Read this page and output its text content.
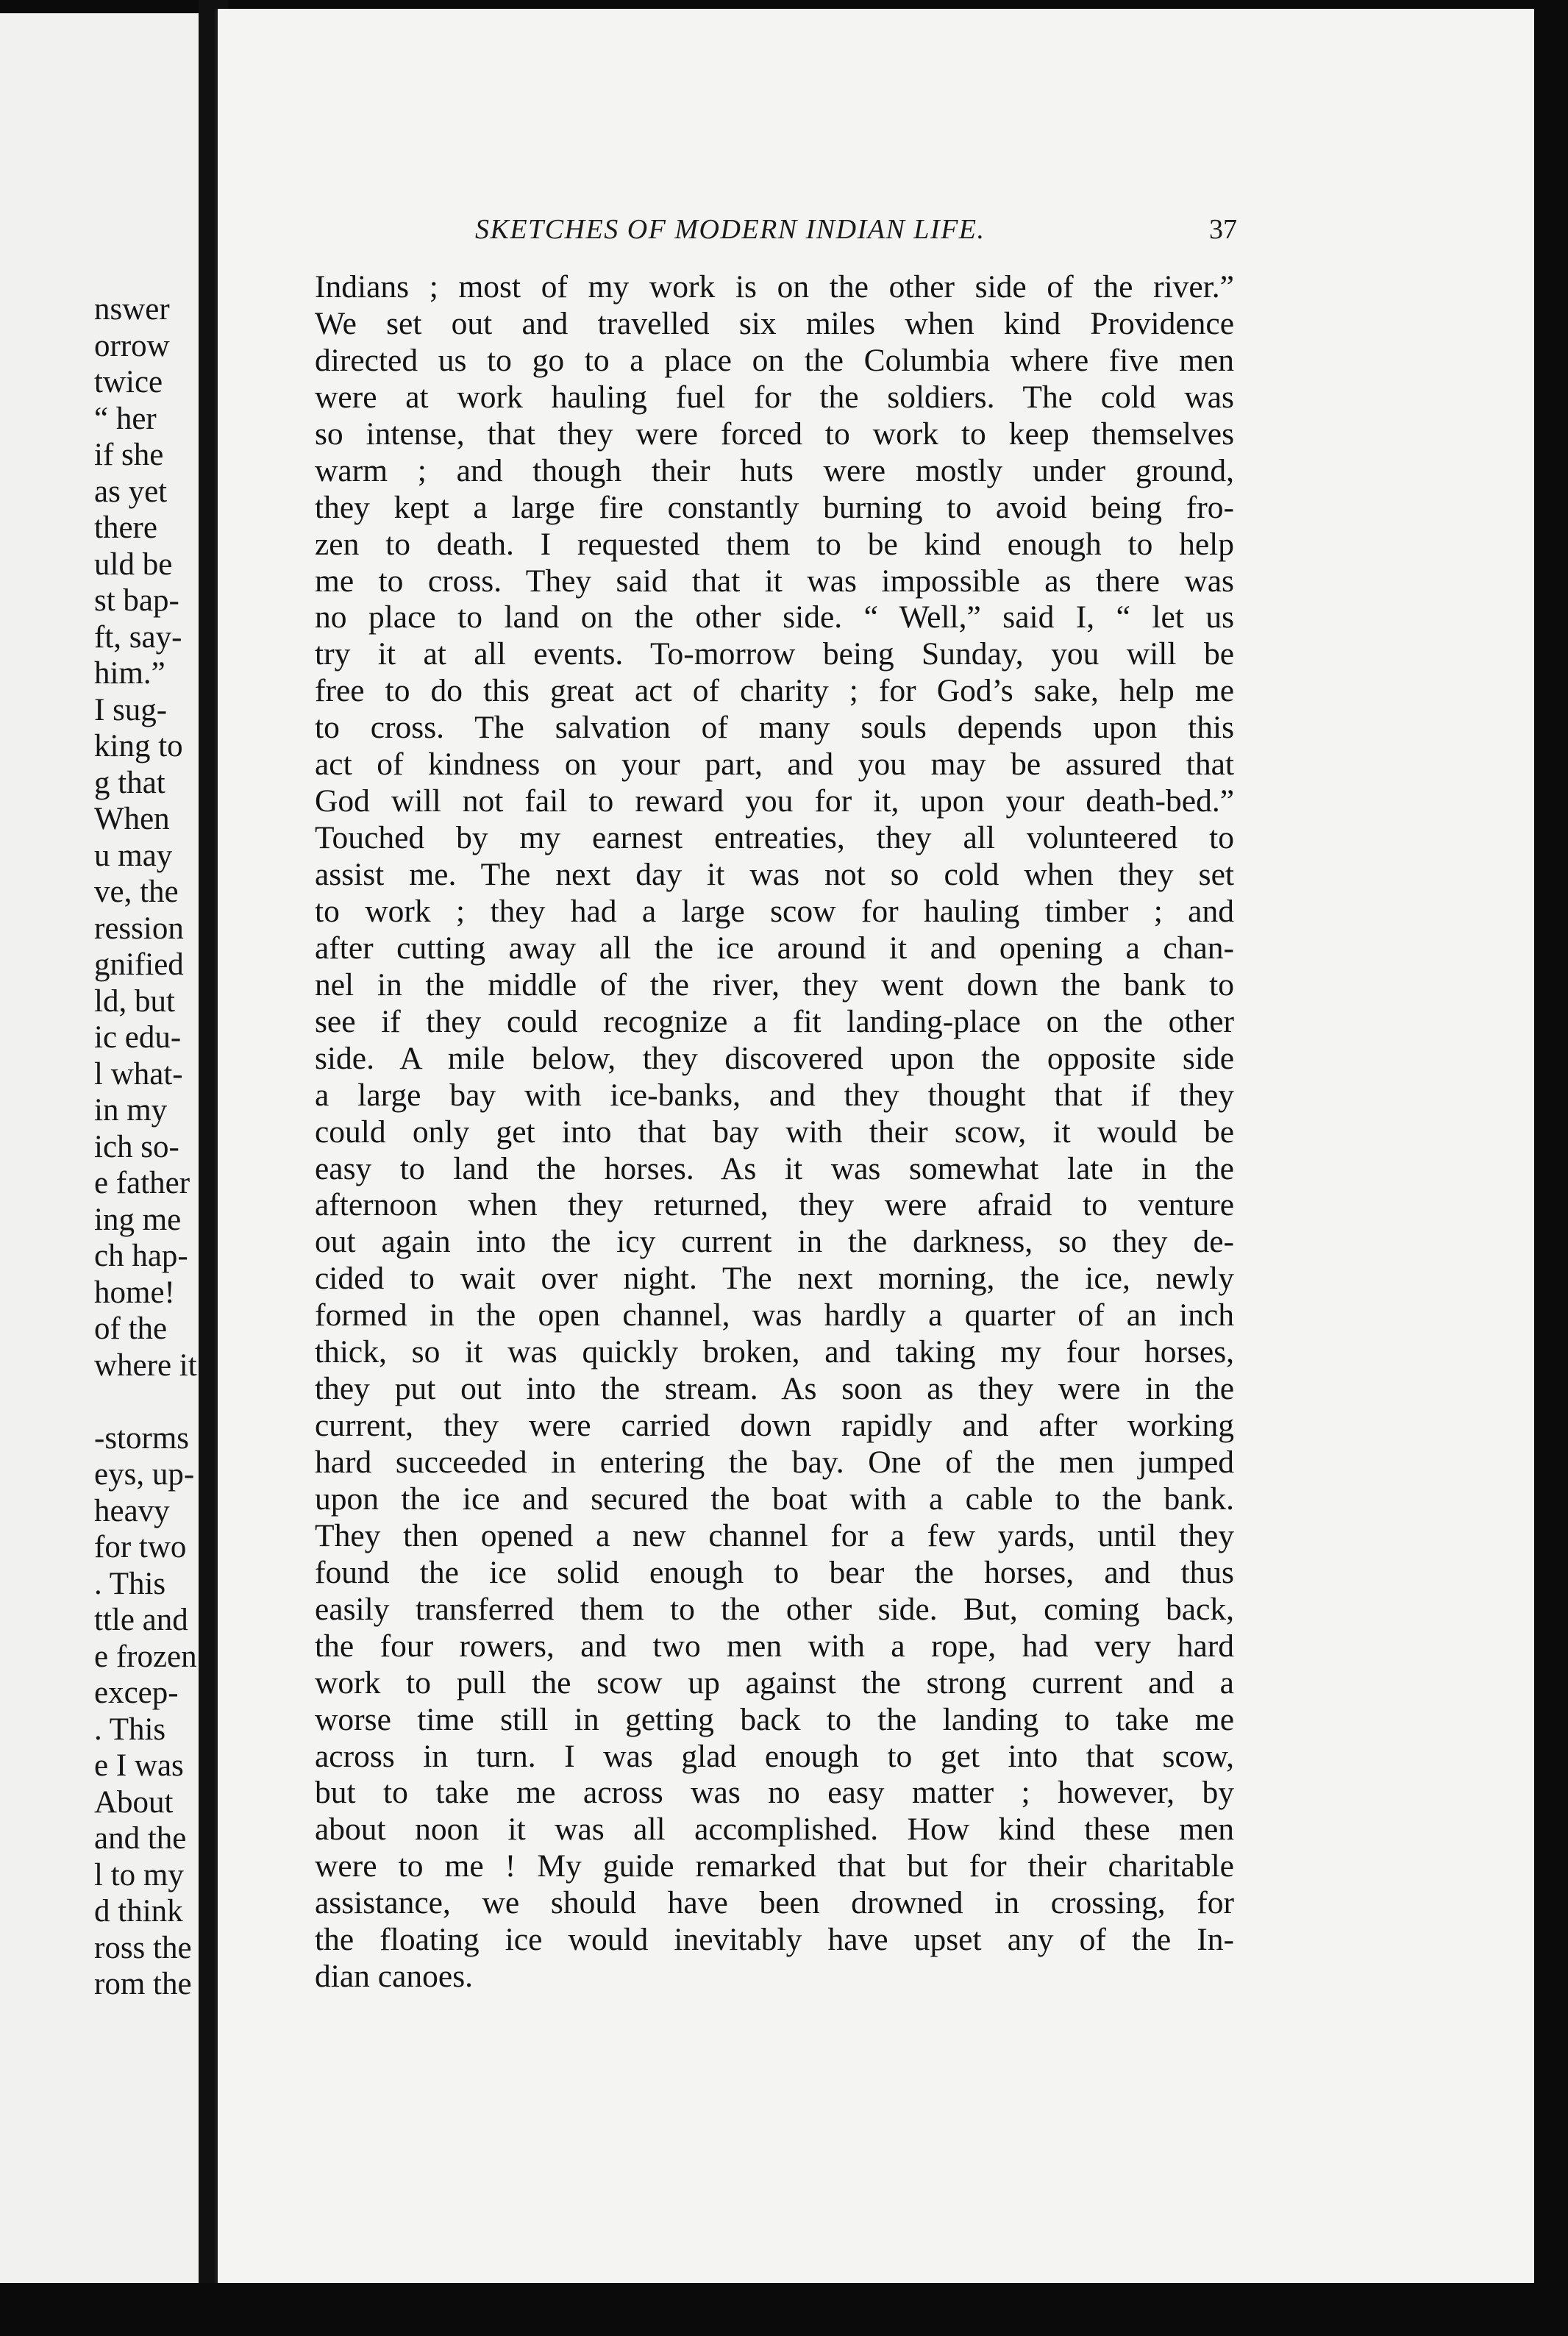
nswer
orrow
twice
“ her
if she
as yet
there
uld be
st bap-
ft, say-
him.”
I sug-
king to
g that
When
u may
ve, the
ression
gnified
ld, but
ic edu-
l what-
in my
ich so-
e father
ing me
ch hap-
home!
of the
where it
-storms
eys, up-
heavy
for two
. This
ttle and
e frozen
excep-
. This
e I was
About
and the
l to my
d think
ross the
rom the
SKETCHES OF MODERN INDIAN LIFE.	37
Indians ; most of my work is on the other side of the river.”
We set out and travelled six miles when kind Providence
directed us to go to a place on the Columbia where five men
were at work hauling fuel for the soldiers. The cold was
so intense, that they were forced to work to keep themselves
warm ; and though their huts were mostly under ground,
they kept a large fire constantly burning to avoid being fro-
zen to death. I requested them to be kind enough to help
me to cross. They said that it was impossible as there was
no place to land on the other side. “ Well,” said I, “ let us
try it at all events. To-morrow being Sunday, you will be
free to do this great act of charity ; for God’s sake, help me
to cross. The salvation of many souls depends upon this
act of kindness on your part, and you may be assured that
God will not fail to reward you for it, upon your death-bed.”
Touched by my earnest entreaties, they all volunteered to
assist me. The next day it was not so cold when they set
to work ; they had a large scow for hauling timber ; and
after cutting away all the ice around it and opening a chan-
nel in the middle of the river, they went down the bank to
see if they could recognize a fit landing-place on the other
side. A mile below, they discovered upon the opposite side
a large bay with ice-banks, and they thought that if they
could only get into that bay with their scow, it would be
easy to land the horses. As it was somewhat late in the
afternoon when they returned, they were afraid to venture
out again into the icy current in the darkness, so they de-
cided to wait over night. The next morning, the ice, newly
formed in the open channel, was hardly a quarter of an inch
thick, so it was quickly broken, and taking my four horses,
they put out into the stream. As soon as they were in the
current, they were carried down rapidly and after working
hard succeeded in entering the bay. One of the men jumped
upon the ice and secured the boat with a cable to the bank.
They then opened a new channel for a few yards, until they
found the ice solid enough to bear the horses, and thus
easily transferred them to the other side. But, coming back,
the four rowers, and two men with a rope, had very hard
work to pull the scow up against the strong current and a
worse time still in getting back to the landing to take me
across in turn. I was glad enough to get into that scow,
but to take me across was no easy matter ; however, by
about noon it was all accomplished. How kind these men
were to me ! My guide remarked that but for their charitable
assistance, we should have been drowned in crossing, for
the floating ice would inevitably have upset any of the In-
dian canoes.
